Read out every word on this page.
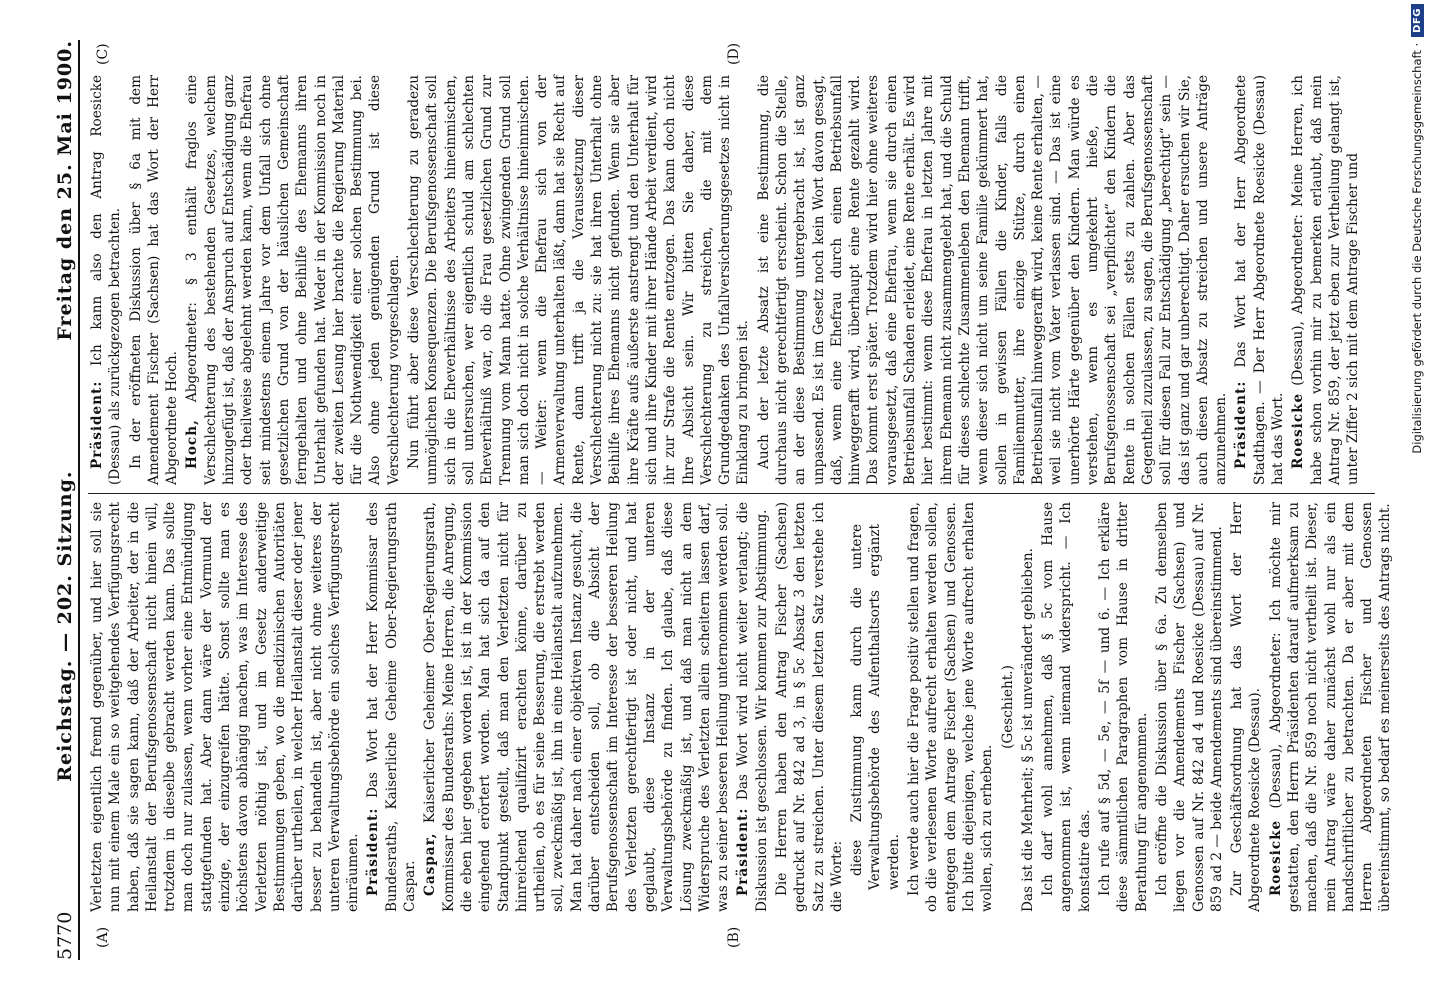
5770
Reichstag. — 202. Sitzung.
Freitag den 25. Mai 1900.
(A)	(B)
(C)	(D)

Verletzten eigentlich fremd gegenüber, und hier soll sie nun mit einem Male ein so weitgehendes Verfügungsrecht haben, daß sie sagen kann, daß der Arbeiter, der in die Heilanstalt der Berufsgenossenschaft nicht hinein will, trotzdem in dieselbe gebracht werden kann. Das sollte man doch nur zulassen, wenn vorher eine Entmündigung stattgefunden hat. Aber dann wäre der Vormund der einzige, der einzugreifen hätte. Sonst sollte man es höchstens davon abhängig machen, was im Interesse des Verletzten nöthig ist, und im Gesetz anderweitige Bestimmungen geben, wo die medizinischen Autoritäten darüber urtheilen, in welcher Heilanstalt dieser oder jener besser zu behandeln ist, aber nicht ohne weiteres der unteren Verwaltungsbehörde ein solches Verfügungsrecht einräumen. Präsident: Das Wort hat der Herr Kommissar des Bundesraths, Kaiserliche Geheime Ober-Regierungsrath Caspar. Caspar, Kaiserlicher Geheimer Ober-Regierungsrath, Kommissar des Bundesraths: Meine Herren, die Anregung, die eben hier gegeben worden ist, ist in der Kommission eingehend erörtert worden. Man hat sich da auf den Standpunkt gestellt, daß man den Verletzten nicht für hinreichend qualifizirt erachten könne, darüber zu urtheilen, ob es für seine Besserung, die erstrebt werden soll, zweckmäßig ist, ihn in eine Heilanstalt aufzunehmen. Man hat daher nach einer objektiven Instanz gesucht, die darüber entscheiden soll, ob die Absicht der Berufsgenossenschaft im Interesse der besseren Heilung des Verletzten gerechtfertigt ist oder nicht, und hat geglaubt, diese Instanz in der unteren Verwaltungsbehörde zu finden. Ich glaube, daß diese Lösung zweckmäßig ist, und daß man nicht an dem Widerspruche des Verletzten allein scheitern lassen darf, was zu seiner besseren Heilung unternommen werden soll. Präsident: Das Wort wird nicht weiter verlangt; die Diskussion ist geschlossen. Wir kommen zur Abstimmung. Die Herren haben den Antrag Fischer (Sachsen) gedruckt auf Nr. 842 ad 3, in § 5c Absatz 3 den letzten Satz zu streichen. Unter diesem letzten Satz verstehe ich die Worte:

diese Zustimmung kann durch die untere Verwaltungsbehörde des Aufenthaltsorts ergänzt werden. Ich werde auch hier die Frage positiv stellen und fragen, ob die verlesenen Worte aufrecht erhalten werden sollen, entgegen dem Antrage Fischer (Sachsen) und Genossen. Ich bitte diejenigen, welche jene Worte aufrecht erhalten wollen, sich zu erheben.

(Geschieht.) Das ist die Mehrheit; § 5c ist unverändert geblieben. Ich darf wohl annehmen, daß § 5c vom Hause angenommen ist, wenn niemand widerspricht. — Ich konstatire das. Ich rufe auf § 5d, — 5e, — 5f — und 6. — Ich erkläre diese sämmtlichen Paragraphen vom Hause in dritter Berathung für angenommen. Ich eröffne die Diskussion über § 6a. Zu demselben liegen vor die Amendements Fischer (Sachsen) und Genossen auf Nr. 842 ad 4 und Roesicke (Dessau) auf Nr. 859 ad 2 — beide Amendements sind übereinstimmend. Zur Geschäftsordnung hat das Wort der Herr Abgeordnete Roesicke (Dessau). Roesicke (Dessau), Abgeordneter: Ich möchte mir gestatten, den Herrn Präsidenten darauf aufmerksam zu machen, daß die Nr. 859 noch nicht vertheilt ist. Dieser, mein Antrag wäre daher zunächst wohl nur als ein handschriftlicher zu betrachten. Da er aber mit dem Herren Abgeordneten Fischer und Genossen übereinstimmt, so bedarf es meinerseits des Antrags nicht.

Präsident: Ich kann also den Antrag Roesicke (Dessau) als zurückgezogen betrachten. In der eröffneten Diskussion über § 6a mit dem Amendement Fischer (Sachsen) hat das Wort der Herr Abgeordnete Hoch. Hoch, Abgeordneter: § 3 enthält fraglos eine Verschlechterung des bestehenden Gesetzes, welchem hinzugefügt ist, daß der Anspruch auf Entschädigung ganz oder theilweise abgelehnt werden kann, wenn die Ehefrau seit mindestens einem Jahre vor dem Unfall sich ohne gesetzlichen Grund von der häuslichen Gemeinschaft ferngehalten und ohne Beihilfe des Ehemanns ihren Unterhalt gefunden hat. Weder in der Kommission noch in der zweiten Lesung hier brachte die Regierung Material für die Nothwendigkeit einer solchen Bestimmung bei. Also ohne jeden genügenden Grund ist diese Verschlechterung vorgeschlagen. Nun führt aber diese Verschlechterung zu geradezu unmöglichen Konsequenzen. Die Berufsgenossenschaft soll sich in die Eheverhältnisse des Arbeiters hineinmischen, soll untersuchen, wer eigentlich schuld am schlechten Eheverhältniß war, ob die Frau gesetzlichen Grund zur Trennung vom Mann hatte. Ohne zwingenden Grund soll man sich doch nicht in solche Verhältnisse hineinmischen. — Weiter: wenn die Ehefrau sich von der Armenverwaltung unterhalten läßt, dann hat sie Recht auf Rente, dann trifft ja die Voraussetzung dieser Verschlechterung nicht zu: sie hat ihren Unterhalt ohne Beihilfe ihres Ehemanns nicht gefunden. Wenn sie aber ihre Kräfte aufs äußerste anstrengt und den Unterhalt für sich und ihre Kinder mit ihrer Hände Arbeit verdient, wird ihr zur Strafe die Rente entzogen. Das kann doch nicht Ihre Absicht sein. Wir bitten Sie daher, diese Verschlechterung zu streichen, die mit dem Grundgedanken des Unfallversicherungsgesetzes nicht in Einklang zu bringen ist. Auch der letzte Absatz ist eine Bestimmung, die durchaus nicht gerechtfertigt erscheint. Schon die Stelle, an der diese Bestimmung untergebracht ist, ist ganz unpassend. Es ist im Gesetz noch kein Wort davon gesagt, daß, wenn eine Ehefrau durch einen Betriebsunfall hinweggerafft wird, überhaupt eine Rente gezahlt wird. Das kommt erst später. Trotzdem wird hier ohne weiteres vorausgesetzt, daß eine Ehefrau, wenn sie durch einen Betriebsunfall Schaden erleidet, eine Rente erhält. Es wird hier bestimmt: wenn diese Ehefrau in letzten Jahre mit ihrem Ehemann nicht zusammengelebt hat, und die Schuld für dieses schlechte Zusammenleben den Ehemann trifft, wenn dieser sich nicht um seine Familie gekümmert hat, sollen in gewissen Fällen die Kinder, falls die Familienmutter, ihre einzige Stütze, durch einen Betriebsunfall hinweggerafft wird, keine Rente erhalten, — weil sie nicht vom Vater verlassen sind. — Das ist eine unerhörte Härte gegenüber den Kindern. Man würde es verstehen, wenn es umgekehrt hieße, die Berufsgenossenschaft sei „verpflichtet“ den Kindern die Rente in solchen Fällen stets zu zahlen. Aber das Gegentheil zuzulassen, zu sagen, die Berufsgenossenschaft soll für diesen Fall zur Entschädigung „berechtigt“ sein — das ist ganz und gar unberechtigt. Daher ersuchen wir Sie, auch diesen Absatz zu streichen und unsere Anträge anzunehmen. Präsident: Das Wort hat der Herr Abgeordnete Stadthagen. — Der Herr Abgeordnete Roesicke (Dessau) hat das Wort. Roesicke (Dessau), Abgeordneter: Meine Herren, ich habe schon vorhin mir zu bemerken erlaubt, daß mein Antrag Nr. 859, der jetzt eben zur Vertheilung gelangt ist, unter Ziffer 2 sich mit dem Antrage Fischer und	Digitalisierung gefördert durch die Deutsche Forschungsgemeinschaft ·
DFG
